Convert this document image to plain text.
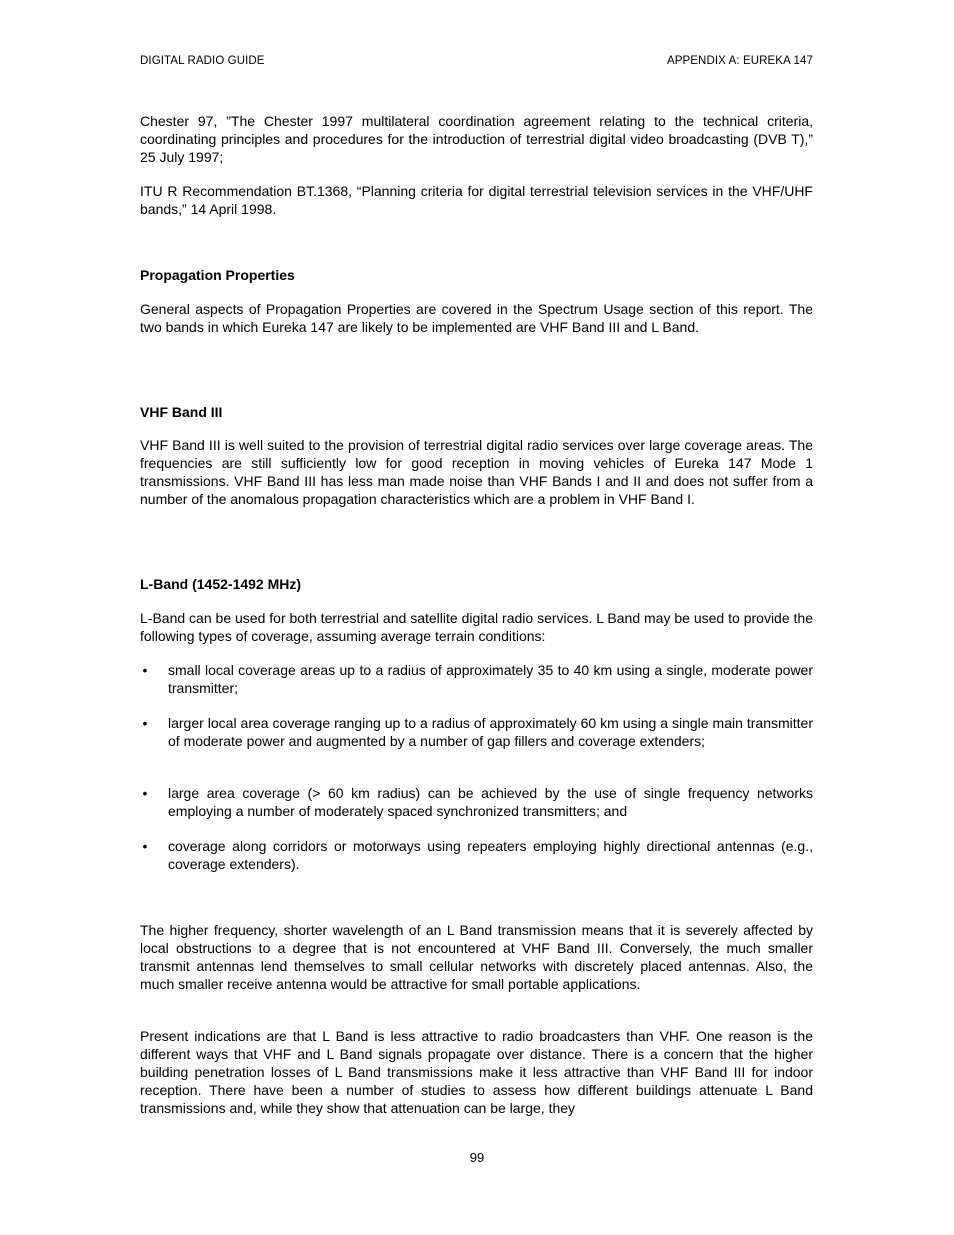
DIGITAL RADIO GUIDE	APPENDIX A: EUREKA 147

Chester 97, ”The Chester 1997 multilateral coordination agreement relating to the technical criteria, coordinating principles and procedures for the introduction of terrestrial digital video broadcasting (DVB T),” 25 July 1997;

ITU R Recommendation BT.1368, “Planning criteria for digital terrestrial television services in the VHF/UHF bands,” 14 April 1998.

Propagation Properties

General aspects of Propagation Properties are covered in the Spectrum Usage section of this report. The two bands in which Eureka 147 are likely to be implemented are VHF Band III and L Band.

VHF Band III

VHF Band III is well suited to the provision of terrestrial digital radio services over large coverage areas. The frequencies are still sufficiently low for good reception in moving vehicles of Eureka 147 Mode 1 transmissions. VHF Band III has less man made noise than VHF Bands I and II and does not suffer from a number of the anomalous propagation characteristics which are a problem in VHF Band I.

L-Band (1452-1492 MHz)

L-Band can be used for both terrestrial and satellite digital radio services. L Band may be used to provide the following types of coverage, assuming average terrain conditions:

• small local coverage areas up to a radius of approximately 35 to 40 km using a single, moderate power transmitter;
• larger local area coverage ranging up to a radius of approximately 60 km using a single main transmitter of moderate power and augmented by a number of gap fillers and coverage extenders;
• large area coverage (> 60 km radius) can be achieved by the use of single frequency networks employing a number of moderately spaced synchronized transmitters; and
• coverage along corridors or motorways using repeaters employing highly directional antennas (e.g., coverage extenders).

The higher frequency, shorter wavelength of an L Band transmission means that it is severely affected by local obstructions to a degree that is not encountered at VHF Band III. Conversely, the much smaller transmit antennas lend themselves to small cellular networks with discretely placed antennas. Also, the much smaller receive antenna would be attractive for small portable applications.

Present indications are that L Band is less attractive to radio broadcasters than VHF. One reason is the different ways that VHF and L Band signals propagate over distance. There is a concern that the higher building penetration losses of L Band transmissions make it less attractive than VHF Band III for indoor reception. There have been a number of studies to assess how different buildings attenuate L Band transmissions and, while they show that attenuation can be large, they

99
